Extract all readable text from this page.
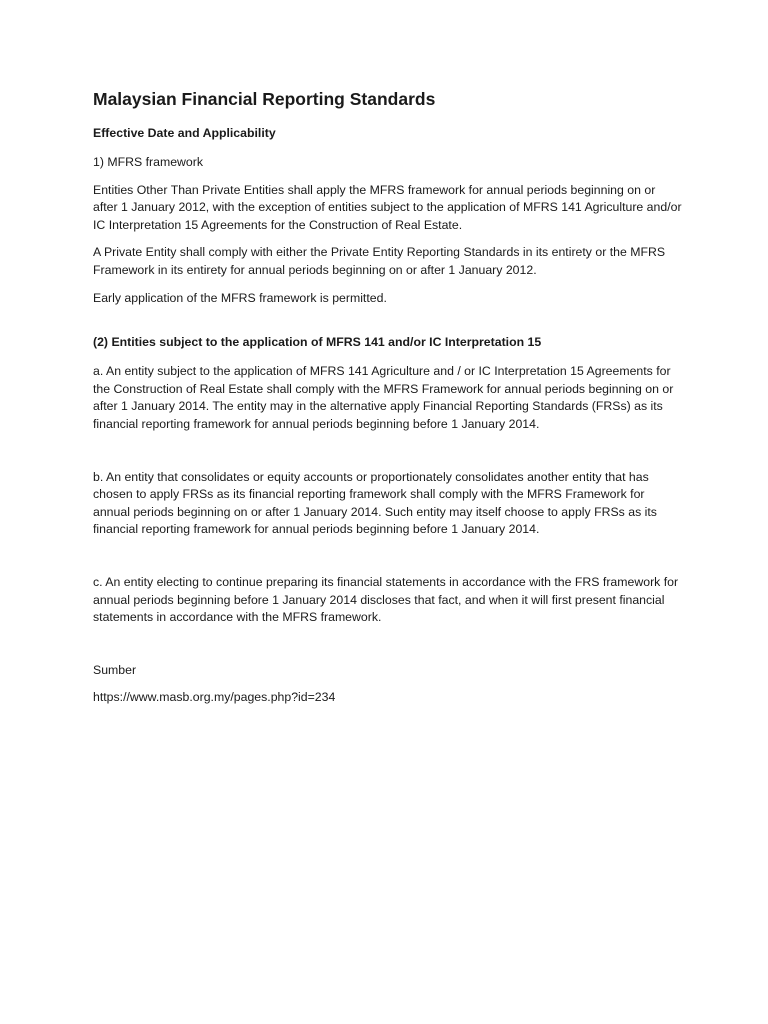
Malaysian Financial Reporting Standards
Effective Date and Applicability

1) MFRS framework

Entities Other Than Private Entities shall apply the MFRS framework for annual periods beginning on or after 1 January 2012, with the exception of entities subject to the application of MFRS 141 Agriculture and/or IC Interpretation 15 Agreements for the Construction of Real Estate.

A Private Entity shall comply with either the Private Entity Reporting Standards in its entirety or the MFRS Framework in its entirety for annual periods beginning on or after 1 January 2012.

Early application of the MFRS framework is permitted.

(2) Entities subject to the application of MFRS 141 and/or IC Interpretation 15

a. An entity subject to the application of MFRS 141 Agriculture and / or IC Interpretation 15 Agreements for the Construction of Real Estate shall comply with the MFRS Framework for annual periods beginning on or after 1 January 2014. The entity may in the alternative apply Financial Reporting Standards (FRSs) as its financial reporting framework for annual periods beginning before 1 January 2014.

b. An entity that consolidates or equity accounts or proportionately consolidates another entity that has chosen to apply FRSs as its financial reporting framework shall comply with the MFRS Framework for annual periods beginning on or after 1 January 2014. Such entity may itself choose to apply FRSs as its financial reporting framework for annual periods beginning before 1 January 2014.

c. An entity electing to continue preparing its financial statements in accordance with the FRS framework for annual periods beginning before 1 January 2014 discloses that fact, and when it will first present financial statements in accordance with the MFRS framework.

Sumber

https://www.masb.org.my/pages.php?id=234
